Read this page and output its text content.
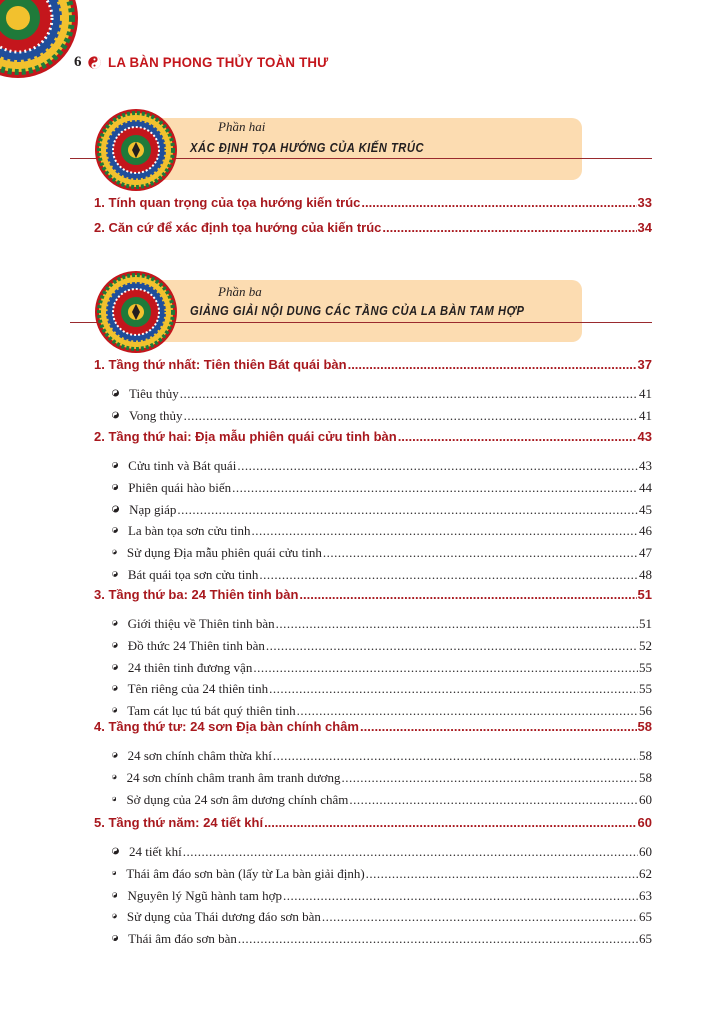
6 LA BÀN PHONG THỦY TOÀN THƯ
Phần hai
XÁC ĐỊNH TỌA HƯỚNG CỦA KIẾN TRÚC
Phần ba
GIẢNG GIẢI NỘI DUNG CÁC TẦNG CỦA LA BÀN TAM HỢP
1. Tính quan trọng của tọa hướng kiến trúc .....	33
2. Căn cứ để xác định tọa hướng của kiến trúc .....	34
1. Tầng thứ nhất: Tiên thiên Bát quái bàn .....	37
Tiêu thủy .....	41
Vong thủy .....	41
2. Tầng thứ hai: Địa mẫu phiên quái cửu tinh bàn .....	43
Cửu tinh và Bát quái .....	43
Phiên quái hào biến .....	44
Nạp giáp .....	45
La bàn tọa sơn cửu tinh .....	46
Sử dụng Địa mẫu phiên quái cửu tinh .....	47
Bát quái tọa sơn cửu tinh .....	48
3. Tầng thứ ba: 24 Thiên tinh bàn .....	51
Giới thiệu về Thiên tinh bàn .....	51
Đồ thức 24 Thiên tinh bàn .....	52
24 thiên tinh đương vận .....	55
Tên riêng của 24 thiên tinh .....	55
Tam cát lục tú bát quý thiên tinh .....	56
4. Tầng thứ tư: 24 sơn Địa bàn chính châm .....	58
24 sơn chính châm thừa khí .....	58
24 sơn chính châm tranh âm tranh dương .....	58
Sở dụng của 24 sơn âm dương chính châm .....	60
5. Tầng thứ năm: 24 tiết khí .....	60
24 tiết khí .....	60
Thái âm đáo sơn bàn (lấy từ La bàn giải định) .....	62
Nguyên lý Ngũ hành tam hợp .....	63
Sử dụng của Thái dương đáo sơn bàn .....	65
Thái âm đáo sơn bàn .....	65
